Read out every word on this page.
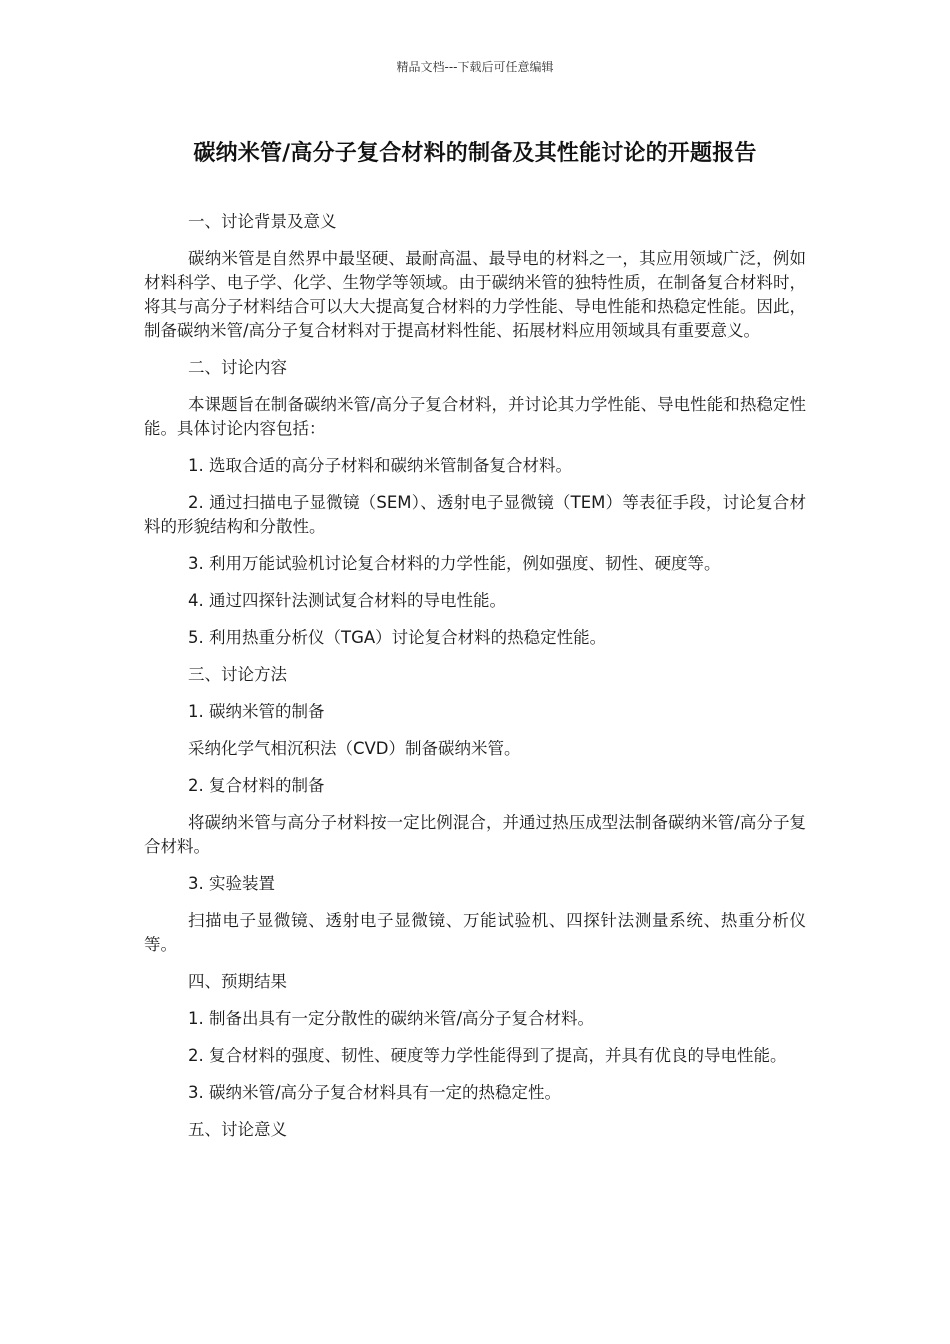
精品文档---下载后可任意编辑
碳纳米管/高分子复合材料的制备及其性能讨论的开题报告

一、讨论背景及意义

碳纳米管是自然界中最坚硬、最耐高温、最导电的材料之一，其应用领域广泛，例如材料科学、电子学、化学、生物学等领域。由于碳纳米管的独特性质，在制备复合材料时，将其与高分子材料结合可以大大提高复合材料的力学性能、导电性能和热稳定性能。因此，制备碳纳米管/高分子复合材料对于提高材料性能、拓展材料应用领域具有重要意义。

二、讨论内容

本课题旨在制备碳纳米管/高分子复合材料，并讨论其力学性能、导电性能和热稳定性能。具体讨论内容包括：

1. 选取合适的高分子材料和碳纳米管制备复合材料。

2. 通过扫描电子显微镜（SEM）、透射电子显微镜（TEM）等表征手段，讨论复合材料的形貌结构和分散性。

3. 利用万能试验机讨论复合材料的力学性能，例如强度、韧性、硬度等。

4. 通过四探针法测试复合材料的导电性能。

5. 利用热重分析仪（TGA）讨论复合材料的热稳定性能。

三、讨论方法

1. 碳纳米管的制备

采纳化学气相沉积法（CVD）制备碳纳米管。

2. 复合材料的制备

将碳纳米管与高分子材料按一定比例混合，并通过热压成型法制备碳纳米管/高分子复合材料。

3. 实验装置

扫描电子显微镜、透射电子显微镜、万能试验机、四探针法测量系统、热重分析仪等。

四、预期结果

1. 制备出具有一定分散性的碳纳米管/高分子复合材料。

2. 复合材料的强度、韧性、硬度等力学性能得到了提高，并具有优良的导电性能。

3. 碳纳米管/高分子复合材料具有一定的热稳定性。

五、讨论意义
